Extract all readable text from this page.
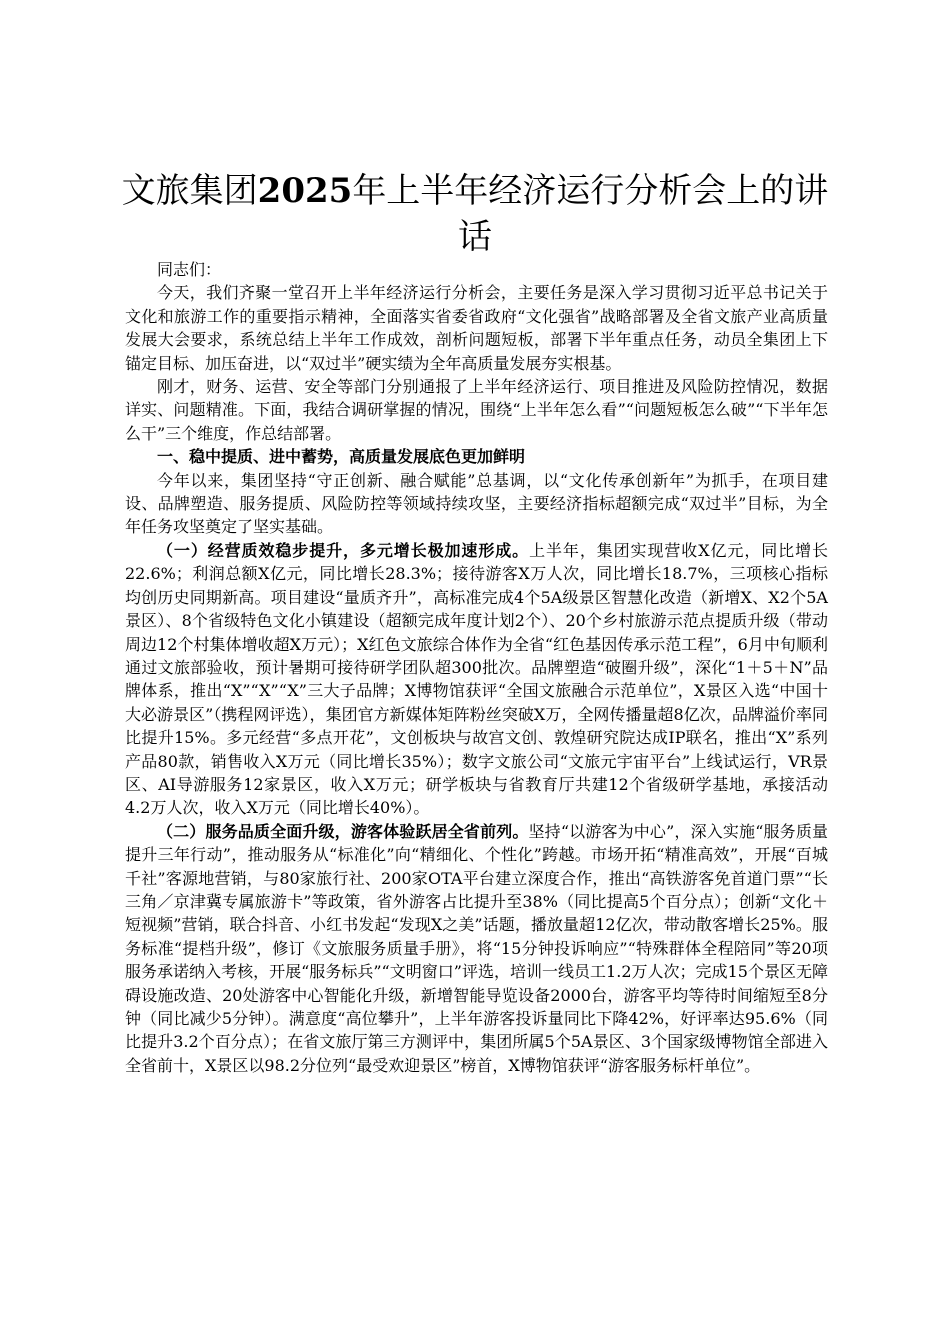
文旅集团2025年上半年经济运行分析会上的讲话

同志们：

今天，我们齐聚一堂召开上半年经济运行分析会，主要任务是深入学习贯彻习近平总书记关于文化和旅游工作的重要指示精神，全面落实省委省政府“文化强省”战略部署及全省文旅产业高质量发展大会要求，系统总结上半年工作成效，剖析问题短板，部署下半年重点任务，动员全集团上下锚定目标、加压奋进，以“双过半”硬实绩为全年高质量发展夯实根基。

刚才，财务、运营、安全等部门分别通报了上半年经济运行、项目推进及风险防控情况，数据详实、问题精准。下面，我结合调研掌握的情况，围绕“上半年怎么看”“问题短板怎么破”“下半年怎么干”三个维度，作总结部署。

一、稳中提质、进中蓄势，高质量发展底色更加鲜明

今年以来，集团坚持“守正创新、融合赋能”总基调，以“文化传承创新年”为抓手，在项目建设、品牌塑造、服务提质、风险防控等领域持续攻坚，主要经济指标超额完成“双过半”目标，为全年任务攻坚奠定了坚实基础。

（一）经营质效稳步提升，多元增长极加速形成。上半年，集团实现营收X亿元，同比增长22.6%；利润总额X亿元，同比增长28.3%；接待游客X万人次，同比增长18.7%，三项核心指标均创历史同期新高。项目建设“量质齐升”，高标准完成4个5A级景区智慧化改造（新增X、X2个5A景区）、8个省级特色文化小镇建设（超额完成年度计划2个）、20个乡村旅游示范点提质升级（带动周边12个村集体增收超X万元）；X红色文旅综合体作为全省“红色基因传承示范工程”，6月中旬顺利通过文旅部验收，预计暑期可接待研学团队超300批次。品牌塑造“破圈升级”，深化“1＋5＋N”品牌体系，推出“X”“X”“X”三大子品牌；X博物馆获评“全国文旅融合示范单位”，X景区入选“中国十大必游景区”（携程网评选），集团官方新媒体矩阵粉丝突破X万，全网传播量超8亿次，品牌溢价率同比提升15%。多元经营“多点开花”，文创板块与故宫文创、敦煌研究院达成IP联名，推出“X”系列产品80款，销售收入X万元（同比增长35%）；数字文旅公司“文旅元宇宙平台”上线试运行，VR景区、AI导游服务12家景区，收入X万元；研学板块与省教育厅共建12个省级研学基地，承接活动4.2万人次，收入X万元（同比增长40%）。

（二）服务品质全面升级，游客体验跃居全省前列。坚持“以游客为中心”，深入实施“服务质量提升三年行动”，推动服务从“标准化”向“精细化、个性化”跨越。市场开拓“精准高效”，开展“百城千社”客源地营销，与80家旅行社、200家OTA平台建立深度合作，推出“高铁游客免首道门票”“长三角／京津冀专属旅游卡”等政策，省外游客占比提升至38%（同比提高5个百分点）；创新“文化＋短视频”营销，联合抖音、小红书发起“发现X之美”话题，播放量超12亿次，带动散客增长25%。服务标准“提档升级”，修订《文旅服务质量手册》，将“15分钟投诉响应”“特殊群体全程陪同”等20项服务承诺纳入考核，开展“服务标兵”“文明窗口”评选，培训一线员工1.2万人次；完成15个景区无障碍设施改造、20处游客中心智能化升级，新增智能导览设备2000台，游客平均等待时间缩短至8分钟（同比减少5分钟）。满意度“高位攀升”，上半年游客投诉量同比下降42%，好评率达95.6%（同比提升3.2个百分点）；在省文旅厅第三方测评中，集团所属5个5A景区、3个国家级博物馆全部进入全省前十，X景区以98.2分位列“最受欢迎景区”榜首，X博物馆获评“游客服务标杆单位”。
